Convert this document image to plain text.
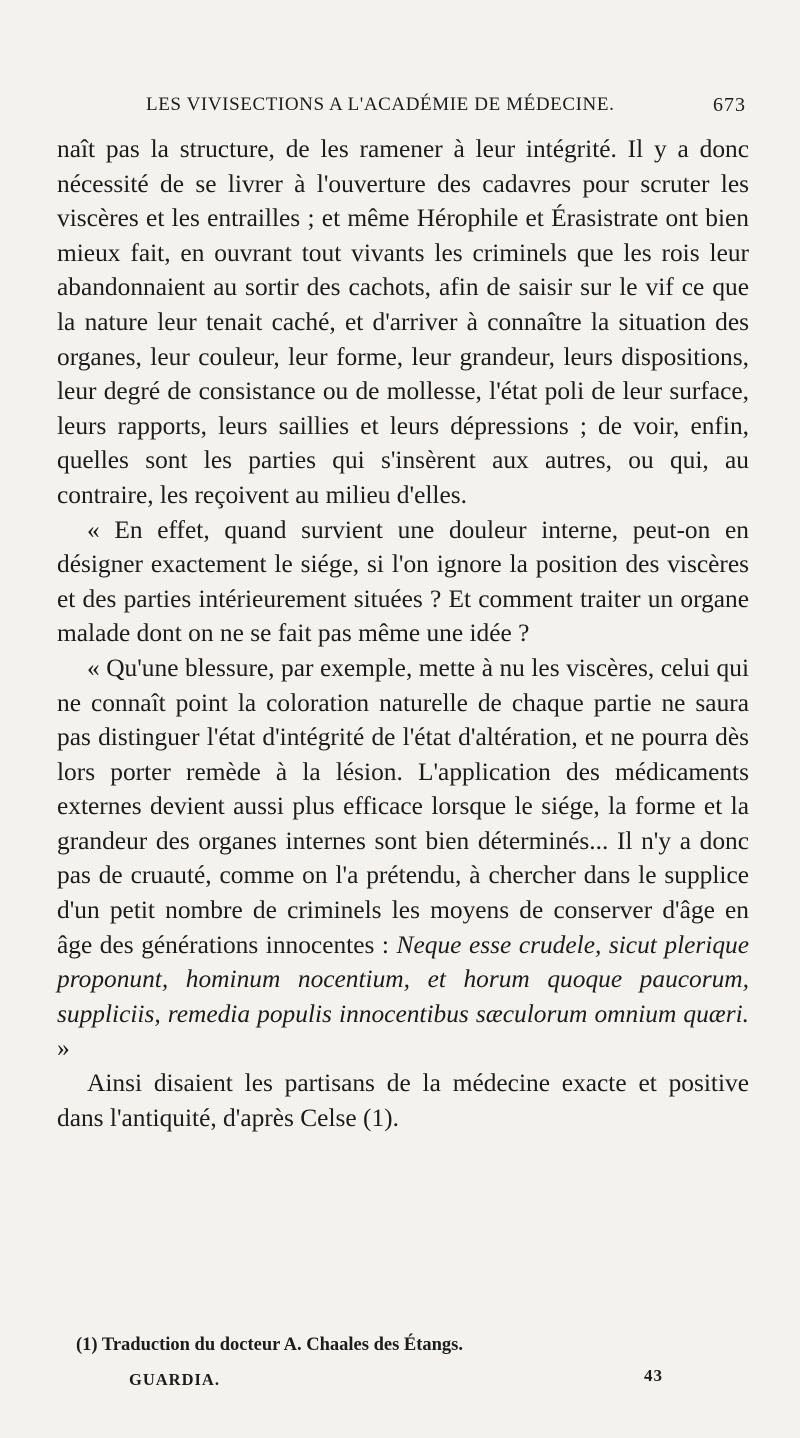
LES VIVISECTIONS A L'ACADÉMIE DE MÉDECINE.	673

naît pas la structure, de les ramener à leur intégrité. Il y a donc nécessité de se livrer à l'ouverture des cadavres pour scruter les viscères et les entrailles ; et même Hérophile et Érasistrate ont bien mieux fait, en ouvrant tout vivants les criminels que les rois leur abandonnaient au sortir des cachots, afin de saisir sur le vif ce que la nature leur tenait caché, et d'arriver à connaître la situation des organes, leur couleur, leur forme, leur grandeur, leurs dispositions, leur degré de consistance ou de mollesse, l'état poli de leur surface, leurs rapports, leurs saillies et leurs dépressions ; de voir, enfin, quelles sont les parties qui s'insèrent aux autres, ou qui, au contraire, les reçoivent au milieu d'elles.

« En effet, quand survient une douleur interne, peut-on en désigner exactement le siége, si l'on ignore la position des viscères et des parties intérieurement situées ? Et comment traiter un organe malade dont on ne se fait pas même une idée ?

« Qu'une blessure, par exemple, mette à nu les viscères, celui qui ne connaît point la coloration naturelle de chaque partie ne saura pas distinguer l'état d'intégrité de l'état d'altération, et ne pourra dès lors porter remède à la lésion. L'application des médicaments externes devient aussi plus efficace lorsque le siége, la forme et la grandeur des organes internes sont bien déterminés... Il n'y a donc pas de cruauté, comme on l'a prétendu, à chercher dans le supplice d'un petit nombre de criminels les moyens de conserver d'âge en âge des générations innocentes : Neque esse crudele, sicut plerique proponunt, hominum nocentium, et horum quoque paucorum, suppliciis, remedia populis innocentibus sæculorum omnium quæri. »

Ainsi disaient les partisans de la médecine exacte et positive dans l'antiquité, d'après Celse (1).

(1) Traduction du docteur A. Chaales des Étangs.
GUARDIA.	43
